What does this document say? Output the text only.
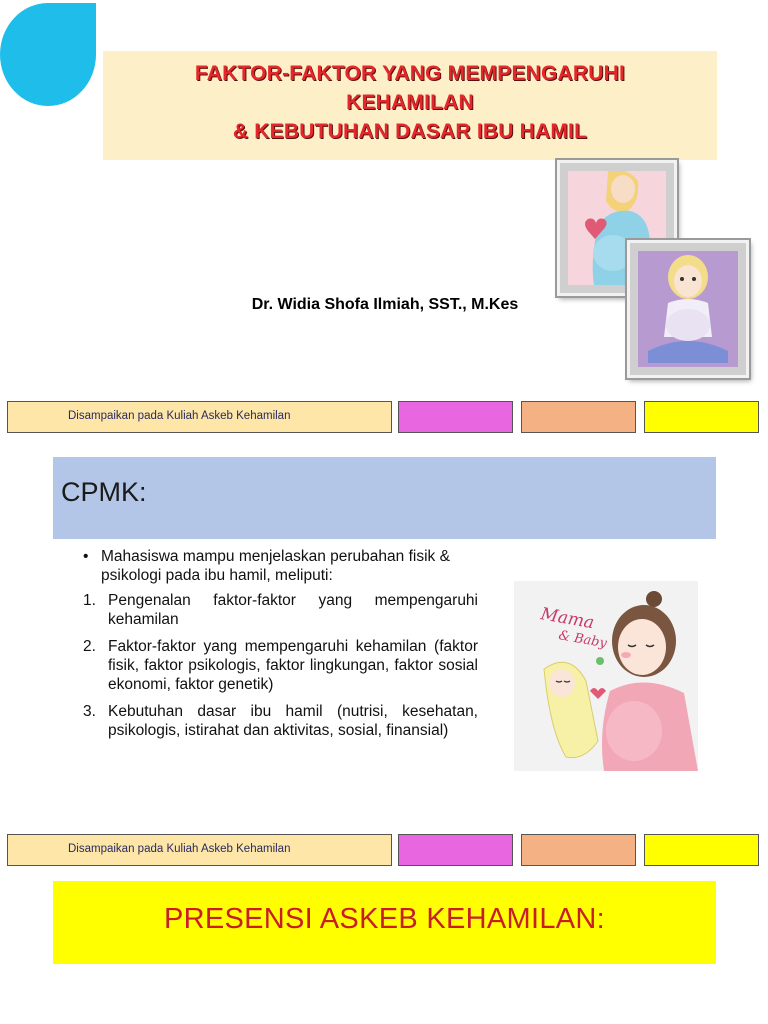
FAKTOR-FAKTOR YANG MEMPENGARUHI
KEHAMILAN
& KEBUTUHAN DASAR IBU HAMIL
Dr. Widia Shofa Ilmiah, SST., M.Kes
Disampaikan pada Kuliah Askeb Kehamilan
CPMK:
• Mahasiswa mampu menjelaskan perubahan fisik & psikologi pada ibu hamil, meliputi:
1. Pengenalan faktor-faktor yang mempengaruhi kehamilan
2. Faktor-faktor yang mempengaruhi kehamilan (faktor fisik, faktor psikologis, faktor lingkungan, faktor sosial ekonomi, faktor genetik)
3. Kebutuhan dasar ibu hamil (nutrisi, kesehatan, psikologis, istirahat dan aktivitas, sosial, finansial)
Mama
& Baby
Disampaikan pada Kuliah Askeb Kehamilan
PRESENSI ASKEB KEHAMILAN:
